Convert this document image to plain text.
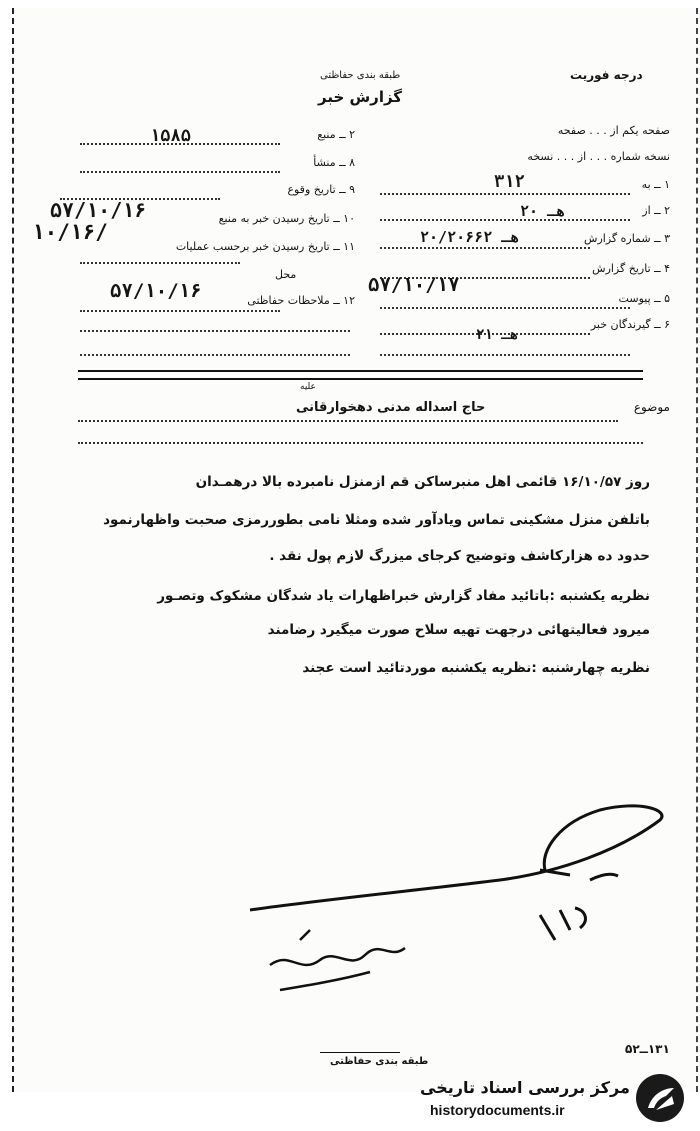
طبقه بندی حفاظتی
گزارش خبر
درجه فوریت
صفحه یکم از . . . صفحه
نسخه شماره . . . از . . . نسخه
۱ ــ به
۳۱۲
۲ ــ از
۲۰ هـ
۳ ــ شماره گزارش
۲۰/۲۰۶۶۲ هـ
۴ ــ تاریخ گزارش
۵۷/۱۰/۱۷
۵ ــ پیوست
۶ ــ گیرندگان خبر
۲۱ هـ
۲ ــ منبع
۱۵۸۵
۸ ــ منشأ
۹ ــ تاریخ وقوع
۵۷/۱۰/۱۶	۱۰ ــ تاریخ رسیدن خبر به منبع
۱۰/۱۶/
۱۱ ــ تاریخ رسیدن خبر برحسب عملیات
محل
۵۷/۱۰/۱۶	۱۲ ــ ملاحظات حفاظتی
موضوع
علیه
حاج اسداله مدنی دهخوارقانی
روز ۱۶/۱۰/۵۷ قائمی اهل منبرساکن قم ازمنزل نامبرده بالا درهمـدان
باتلفن منزل مشکینی تماس ویادآور شده ومثلا نامی بطوررمزی صحبت واظهارنمود
حدود ده هزارکاشف وتوضیح کرجای میزرگ لازم پول نقد .
نظریه یکشنبه :باتائید مفاد گزارش خبراظهارات یاد شدگان مشکوک وتصـور
میرود فعالیتهائی درجهت تهیه سلاح صورت میگیرد رضامند
نظریه چهارشنبه :نظریه یکشنبه موردتائید است عجند
طبقه بندی حفاظتی
۱۳۱ــ۵۲
مرکز بررسی اسناد تاریخی
historydocuments.ir
